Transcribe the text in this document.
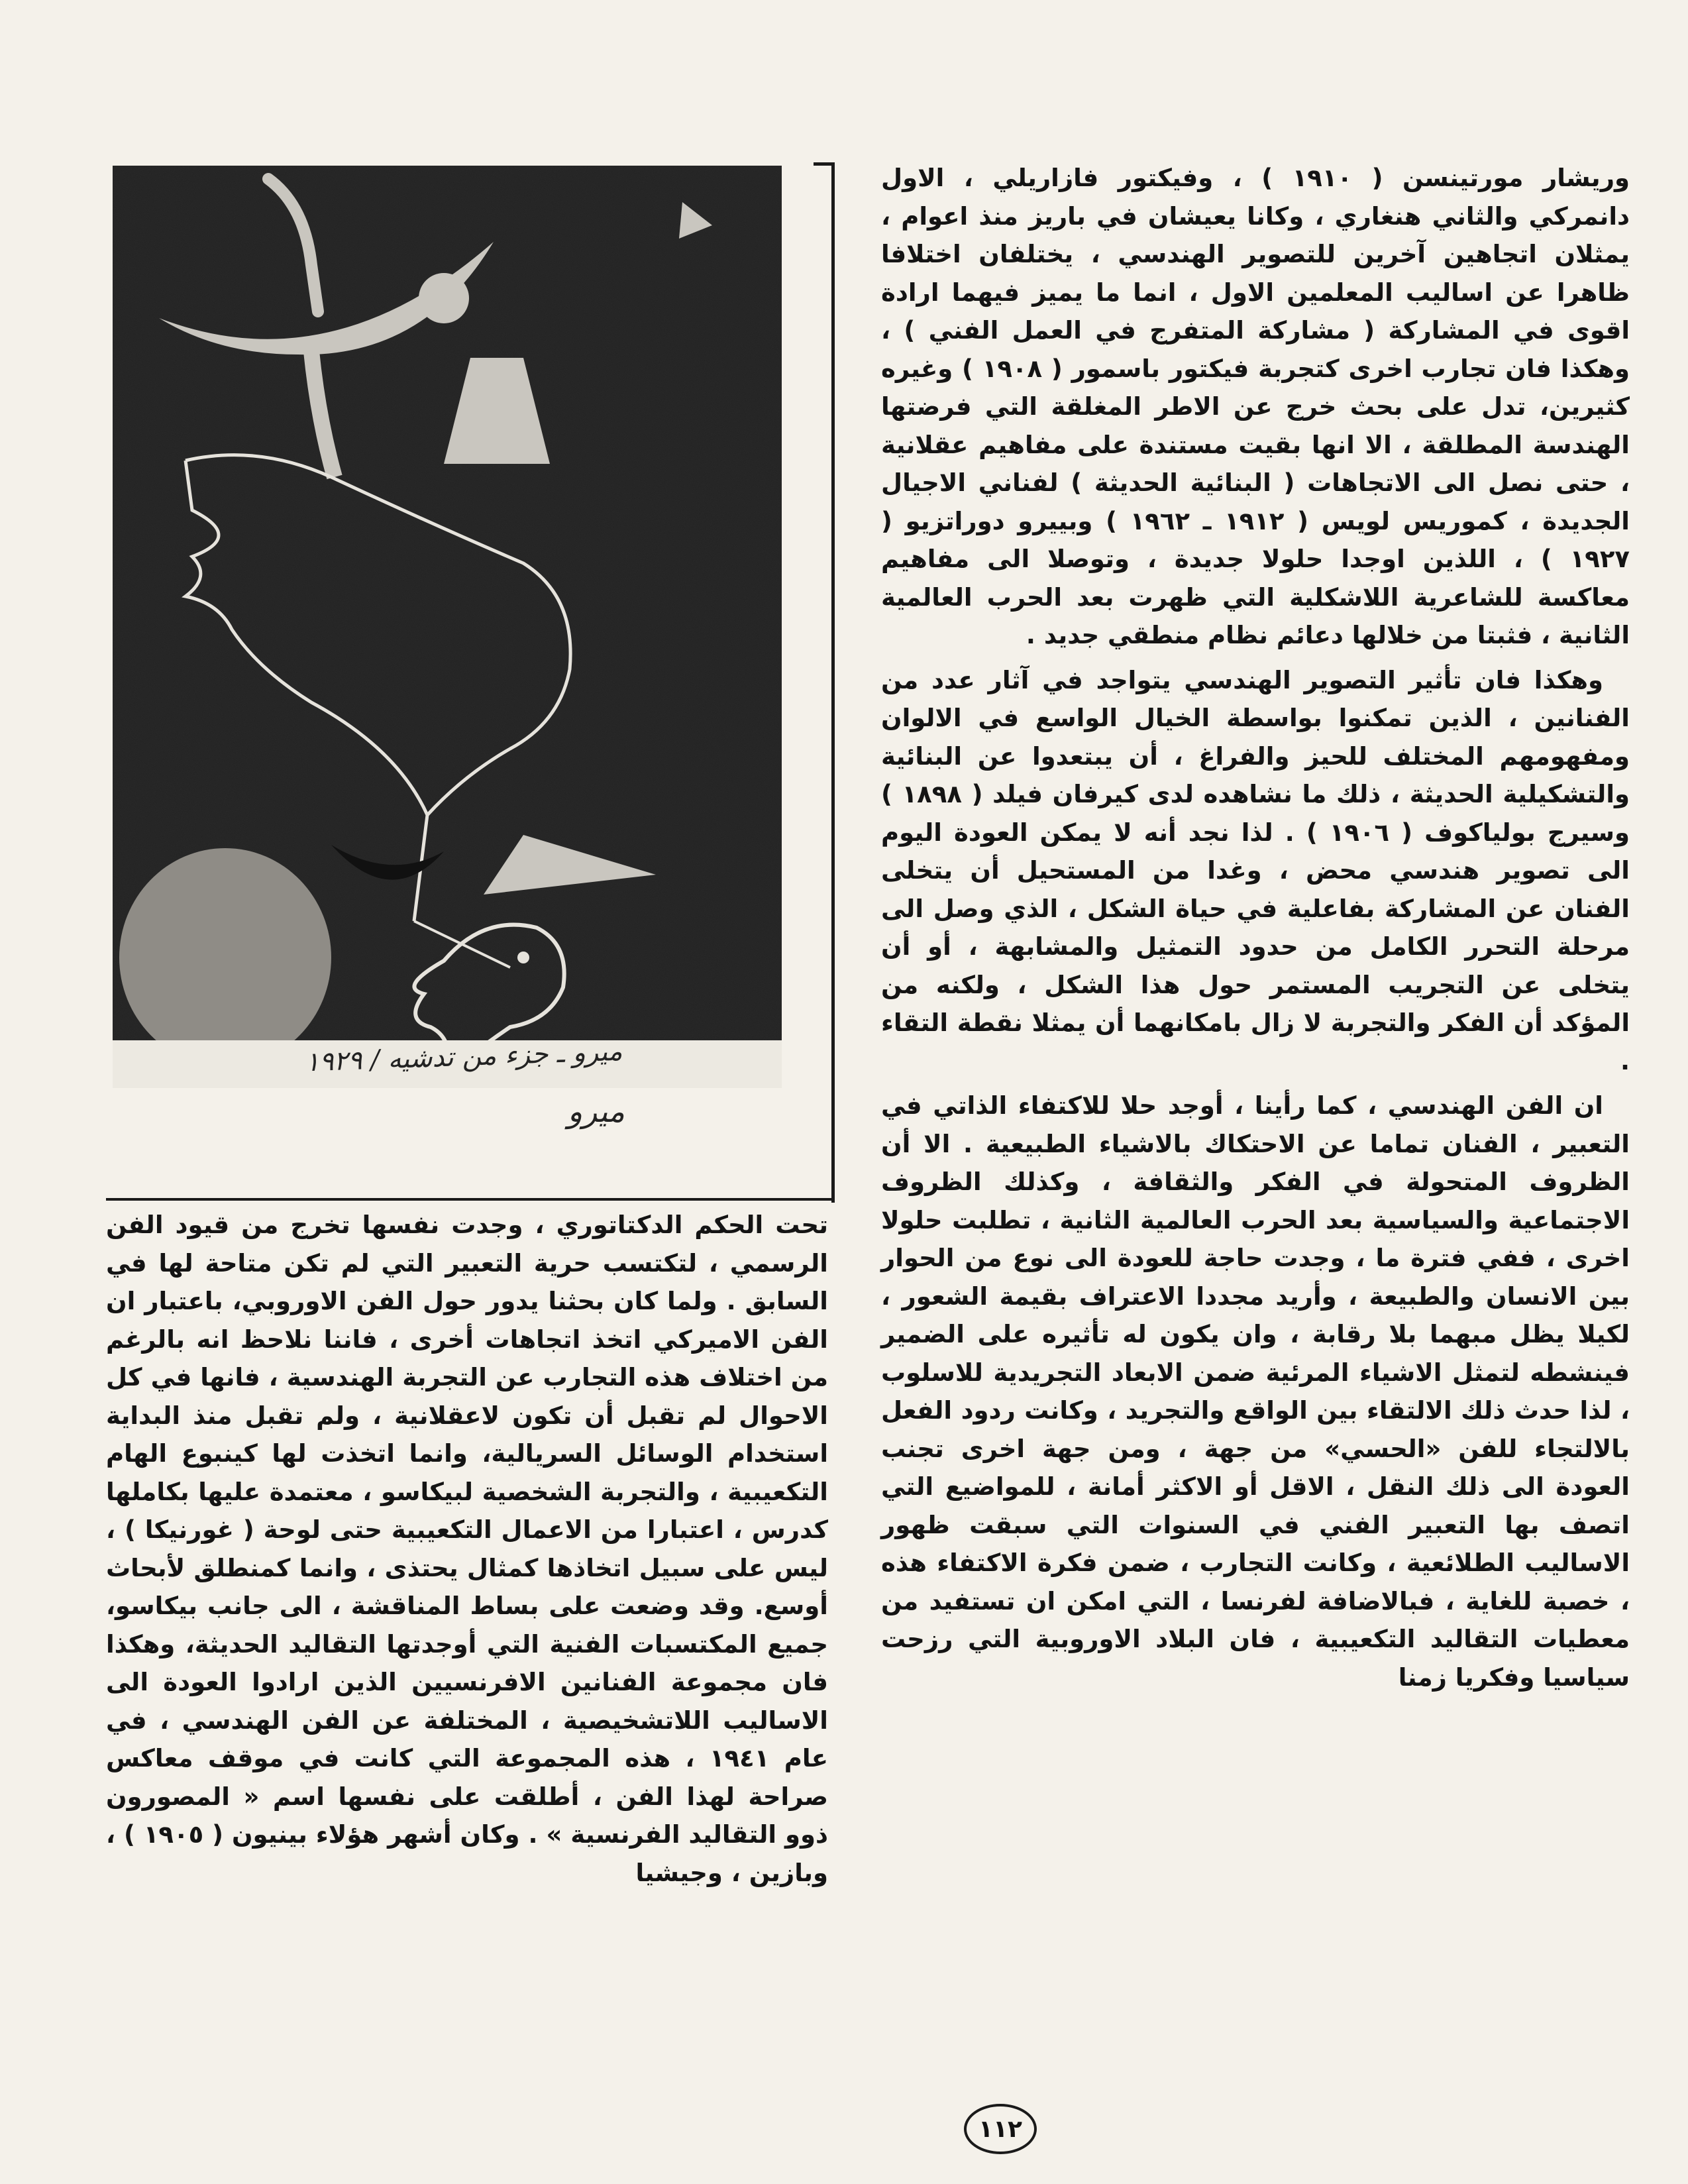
ميرو ـ جزء من تدشيه / ١٩٢٩
ميرو

وريشار مورتينسن ( ١٩١٠ ) ، وفيكتور فازاريلي ، الاول دانمركي والثاني هنغاري ، وكانا يعيشان في باريز منذ اعوام ، يمثلان اتجاهين آخرين للتصوير الهندسي ، يختلفان اختلافا ظاهرا عن اساليب المعلمين الاول ، انما ما يميز فيهما ارادة اقوى في المشاركة ( مشاركة المتفرج في العمل الفني ) ، وهكذا فان تجارب اخرى كتجربة فيكتور باسمور ( ١٩٠٨ ) وغيره كثيرين، تدل على بحث خرج عن الاطر المغلقة التي فرضتها الهندسة المطلقة ، الا انها بقيت مستندة على مفاهيم عقلانية ، حتى نصل الى الاتجاهات ( البنائية الحديثة ) لفناني الاجيال الجديدة ، كموريس لويس ( ١٩١٢ ـ ١٩٦٢ ) وبييرو دوراتزيو ( ١٩٢٧ ) ، اللذين اوجدا حلولا جديدة ، وتوصلا الى مفاهيم معاكسة للشاعرية اللاشكلية التي ظهرت بعد الحرب العالمية الثانية ، فثبتا من خلالها دعائم نظام منطقي جديد .

وهكذا فان تأثير التصوير الهندسي يتواجد في آثار عدد من الفنانين ، الذين تمكنوا بواسطة الخيال الواسع في الالوان ومفهومهم المختلف للحيز والفراغ ، أن يبتعدوا عن البنائية والتشكيلية الحديثة ، ذلك ما نشاهده لدى كيرفان فيلد ( ١٨٩٨ ) وسيرج بولياكوف ( ١٩٠٦ ) . لذا نجد أنه لا يمكن العودة اليوم الى تصوير هندسي محض ، وغدا من المستحيل أن يتخلى الفنان عن المشاركة بفاعلية في حياة الشكل ، الذي وصل الى مرحلة التحرر الكامل من حدود التمثيل والمشابهة ، أو أن يتخلى عن التجريب المستمر حول هذا الشكل ، ولكنه من المؤكد أن الفكر والتجربة لا زال بامكانهما أن يمثلا نقطة التقاء .

ان الفن الهندسي ، كما رأينا ، أوجد حلا للاكتفاء الذاتي في التعبير ، الفنان تماما عن الاحتكاك بالاشياء الطبيعية . الا أن الظروف المتحولة في الفكر والثقافة ، وكذلك الظروف الاجتماعية والسياسية بعد الحرب العالمية الثانية ، تطلبت حلولا اخرى ، ففي فترة ما ، وجدت حاجة للعودة الى نوع من الحوار بين الانسان والطبيعة ، وأريد مجددا الاعتراف بقيمة الشعور ، لكيلا يظل مبهما بلا رقابة ، وان يكون له تأثيره على الضمير فينشطه لتمثل الاشياء المرئية ضمن الابعاد التجريدية للاسلوب ، لذا حدث ذلك الالتقاء بين الواقع والتجريد ، وكانت ردود الفعل بالالتجاء للفن «الحسي» من جهة ، ومن جهة اخرى تجنب العودة الى ذلك النقل ، الاقل أو الاكثر أمانة ، للمواضيع التي اتصف بها التعبير الفني في السنوات التي سبقت ظهور الاساليب الطلائعية ، وكانت التجارب ، ضمن فكرة الاكتفاء هذه ، خصبة للغاية ، فبالاضافة لفرنسا ، التي امكن ان تستفيد من معطيات التقاليد التكعيبية ، فان البلاد الاوروبية التي رزحت سياسيا وفكريا زمنا

تحت الحكم الدكتاتوري ، وجدت نفسها تخرج من قيود الفن الرسمي ، لتكتسب حرية التعبير التي لم تكن متاحة لها في السابق . ولما كان بحثنا يدور حول الفن الاوروبي، باعتبار ان الفن الاميركي اتخذ اتجاهات أخرى ، فاننا نلاحظ انه بالرغم من اختلاف هذه التجارب عن التجربة الهندسية ، فانها في كل الاحوال لم تقبل أن تكون لاعقلانية ، ولم تقبل منذ البداية استخدام الوسائل السريالية، وانما اتخذت لها كينبوع الهام التكعيبية ، والتجربة الشخصية لبيكاسو ، معتمدة عليها بكاملها كدرس ، اعتبارا من الاعمال التكعيبية حتى لوحة ( غورنيكا ) ، ليس على سبيل اتخاذها كمثال يحتذى ، وانما كمنطلق لأبحاث أوسع. وقد وضعت على بساط المناقشة ، الى جانب بيكاسو، جميع المكتسبات الفنية التي أوجدتها التقاليد الحديثة، وهكذا فان مجموعة الفنانين الافرنسيين الذين ارادوا العودة الى الاساليب اللاتشخيصية ، المختلفة عن الفن الهندسي ، في عام ١٩٤١ ، هذه المجموعة التي كانت في موقف معاكس صراحة لهذا الفن ، أطلقت على نفسها اسم « المصورون ذوو التقاليد الفرنسية » . وكان أشهر هؤلاء بينيون ( ١٩٠٥ ) ، وبازين ، وجيشيا

١١٢
